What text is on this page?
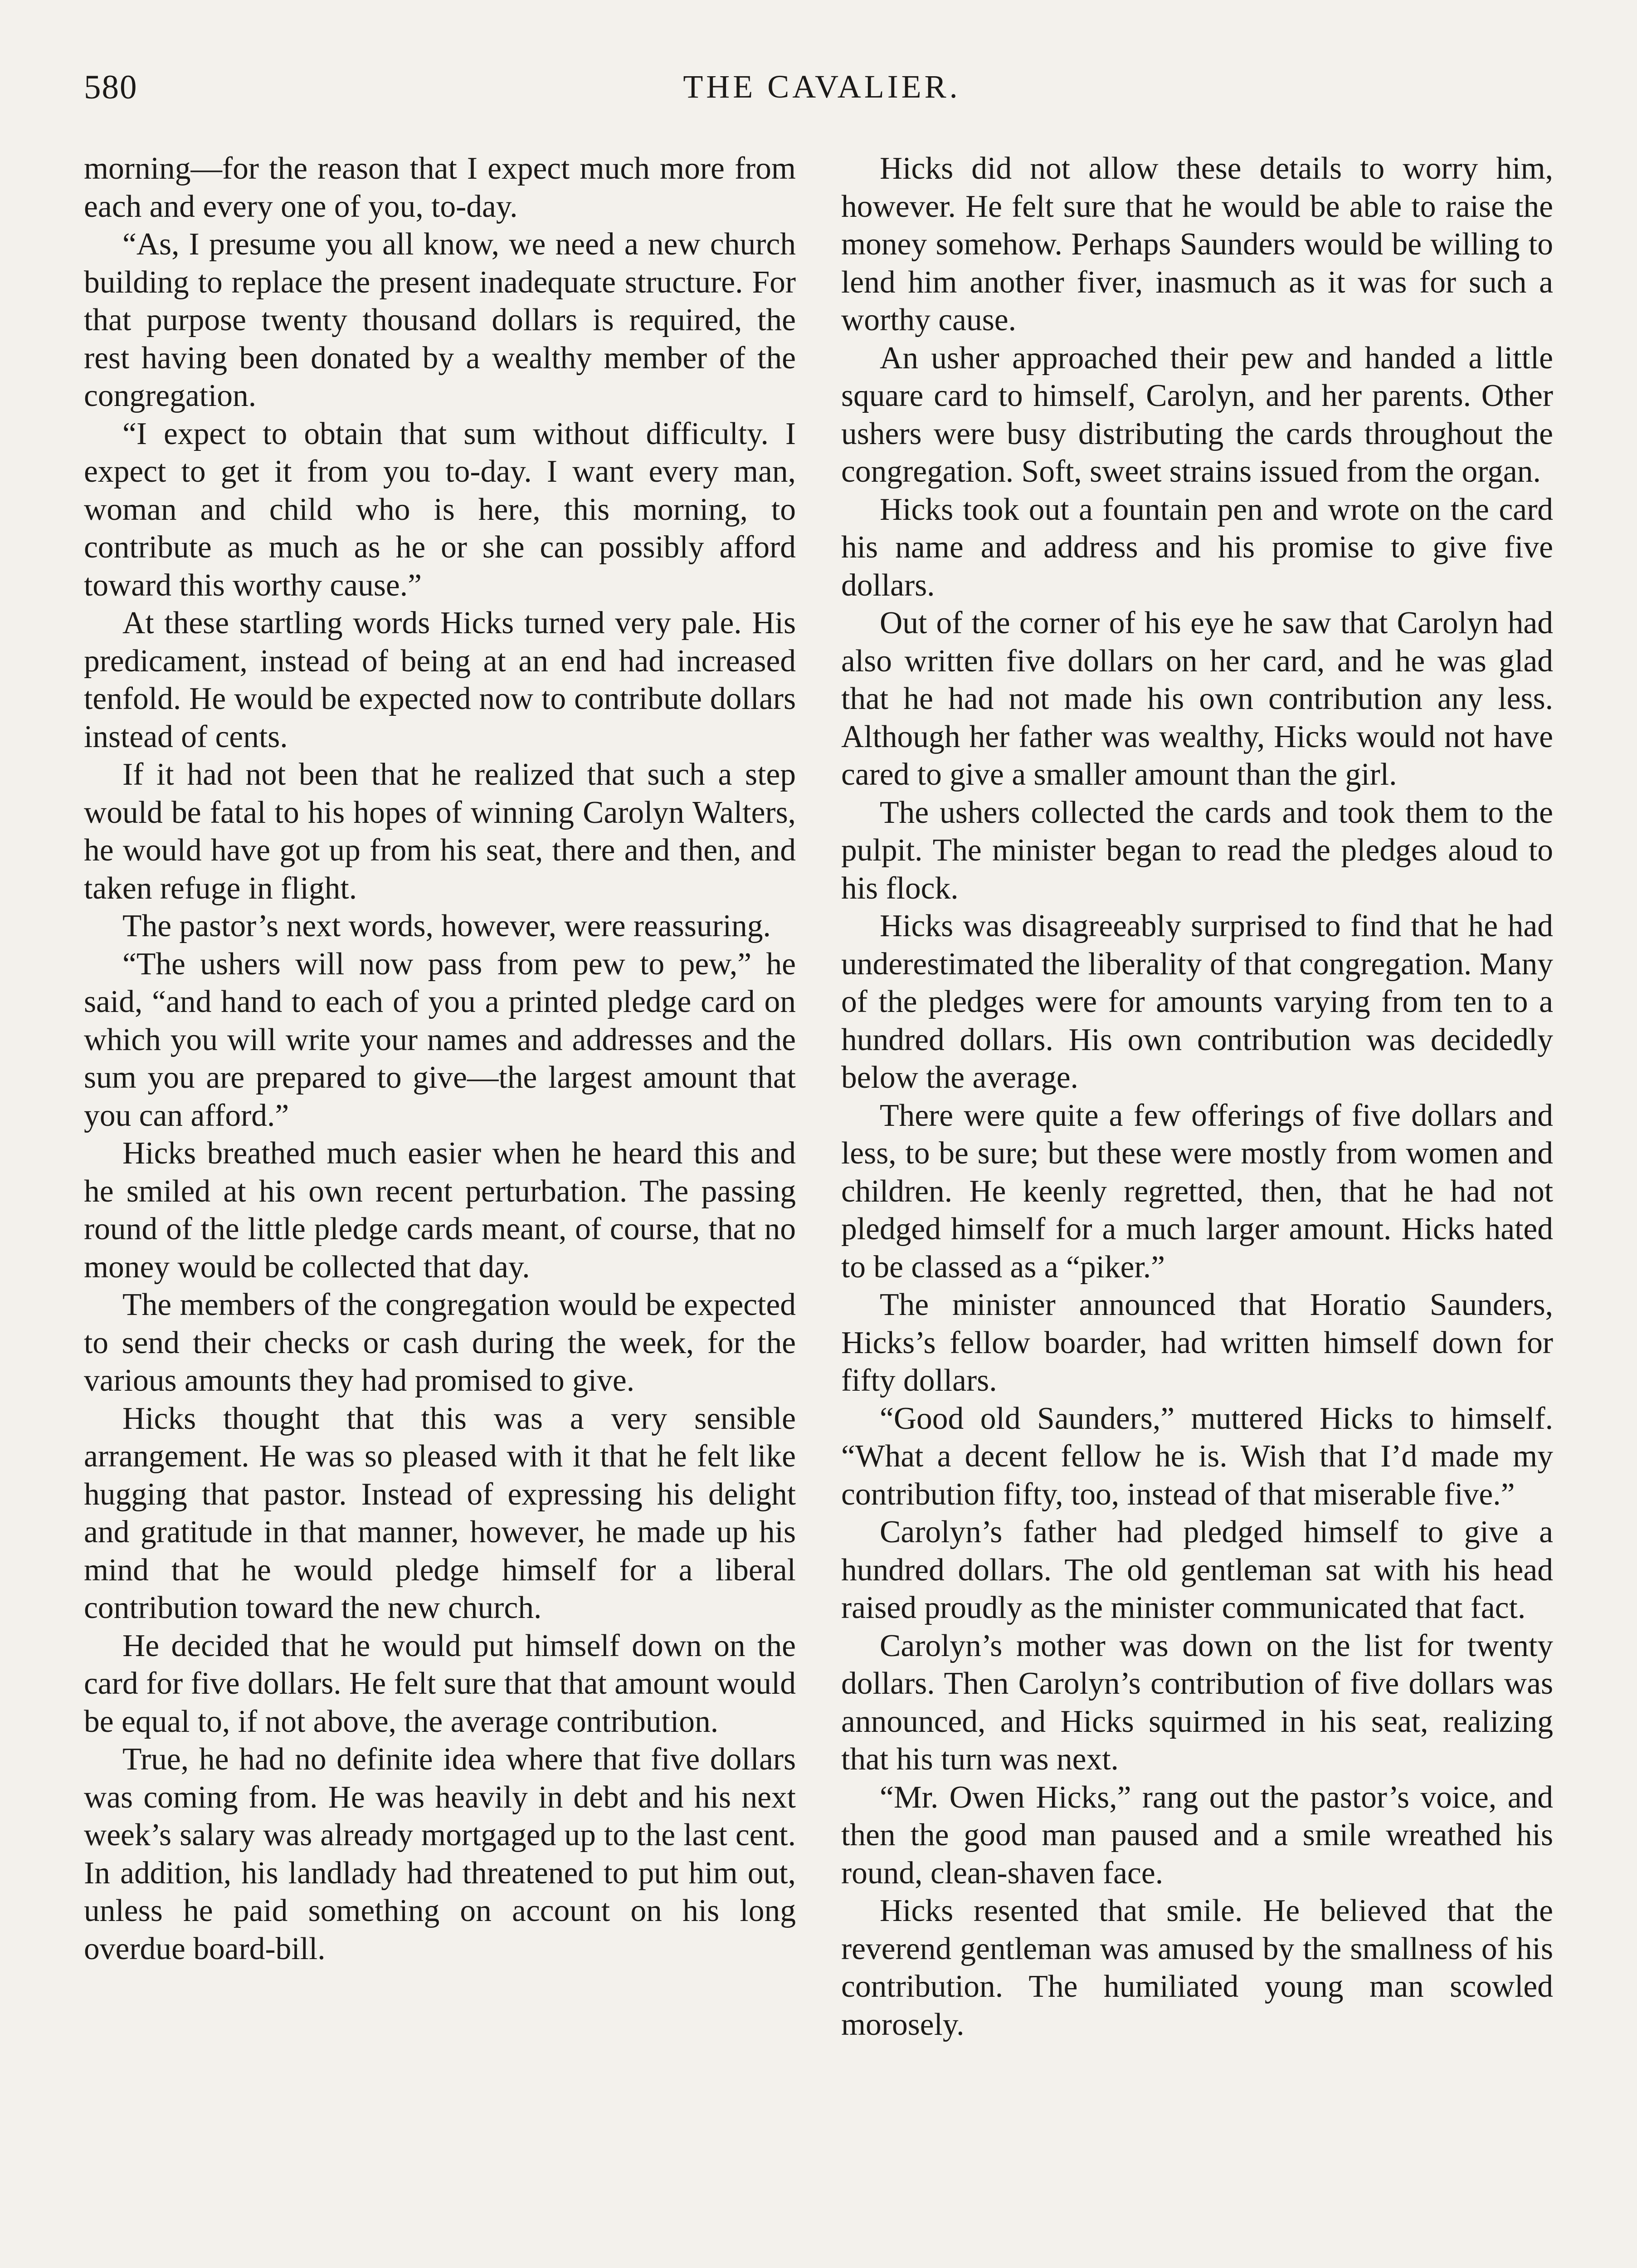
580	THE CAVALIER.

morning—for the reason that I expect much more from each and every one of you, to-day.

“As, I presume you all know, we need a new church building to replace the present inadequate structure. For that purpose twenty thousand dollars is required, the rest having been donated by a wealthy member of the congregation.

“I expect to obtain that sum without difficulty. I expect to get it from you to-day. I want every man, woman and child who is here, this morning, to contribute as much as he or she can possibly afford toward this worthy cause.”

At these startling words Hicks turned very pale. His predicament, instead of being at an end had increased tenfold. He would be expected now to contribute dollars instead of cents.

If it had not been that he realized that such a step would be fatal to his hopes of winning Carolyn Walters, he would have got up from his seat, there and then, and taken refuge in flight.

The pastor’s next words, however, were reassuring.

“The ushers will now pass from pew to pew,” he said, “and hand to each of you a printed pledge card on which you will write your names and addresses and the sum you are prepared to give—the largest amount that you can afford.”

Hicks breathed much easier when he heard this and he smiled at his own recent perturbation. The passing round of the little pledge cards meant, of course, that no money would be collected that day.

The members of the congregation would be expected to send their checks or cash during the week, for the various amounts they had promised to give.

Hicks thought that this was a very sensible arrangement. He was so pleased with it that he felt like hugging that pastor. Instead of expressing his delight and gratitude in that manner, however, he made up his mind that he would pledge himself for a liberal contribution toward the new church.

He decided that he would put himself down on the card for five dollars. He felt sure that that amount would be equal to, if not above, the average contribution.

True, he had no definite idea where that five dollars was coming from. He was heavily in debt and his next week’s salary was already mortgaged up to the last cent. In addition, his landlady had threatened to put him out, unless he paid something on account on his long overdue board-bill.

Hicks did not allow these details to worry him, however. He felt sure that he would be able to raise the money somehow. Perhaps Saunders would be willing to lend him another fiver, inasmuch as it was for such a worthy cause.

An usher approached their pew and handed a little square card to himself, Carolyn, and her parents. Other ushers were busy distributing the cards throughout the congregation. Soft, sweet strains issued from the organ.

Hicks took out a fountain pen and wrote on the card his name and address and his promise to give five dollars.

Out of the corner of his eye he saw that Carolyn had also written five dollars on her card, and he was glad that he had not made his own contribution any less. Although her father was wealthy, Hicks would not have cared to give a smaller amount than the girl.

The ushers collected the cards and took them to the pulpit. The minister began to read the pledges aloud to his flock.

Hicks was disagreeably surprised to find that he had underestimated the liberality of that congregation. Many of the pledges were for amounts varying from ten to a hundred dollars. His own contribution was decidedly below the average.

There were quite a few offerings of five dollars and less, to be sure; but these were mostly from women and children. He keenly regretted, then, that he had not pledged himself for a much larger amount. Hicks hated to be classed as a “piker.”

The minister announced that Horatio Saunders, Hicks’s fellow boarder, had written himself down for fifty dollars.

“Good old Saunders,” muttered Hicks to himself. “What a decent fellow he is. Wish that I’d made my contribution fifty, too, instead of that miserable five.”

Carolyn’s father had pledged himself to give a hundred dollars. The old gentleman sat with his head raised proudly as the minister communicated that fact.

Carolyn’s mother was down on the list for twenty dollars. Then Carolyn’s contribution of five dollars was announced, and Hicks squirmed in his seat, realizing that his turn was next.

“Mr. Owen Hicks,” rang out the pastor’s voice, and then the good man paused and a smile wreathed his round, clean-shaven face.

Hicks resented that smile. He believed that the reverend gentleman was amused by the smallness of his contribution. The humiliated young man scowled morosely.
